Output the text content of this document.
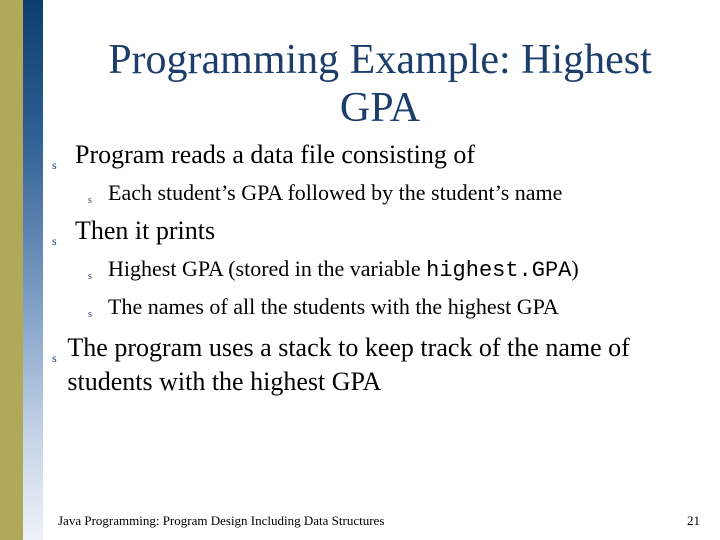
Programming Example: Highest
GPA
s Program reads a data file consisting of
s Each student’s GPA followed by the student’s name
s Then it prints
s Highest GPA (stored in the variable highest.GPA)
s The names of all the students with the highest GPA
s The program uses a stack to keep track of the name of students with the highest GPA
Java Programming: Program Design Including Data Structures	21
